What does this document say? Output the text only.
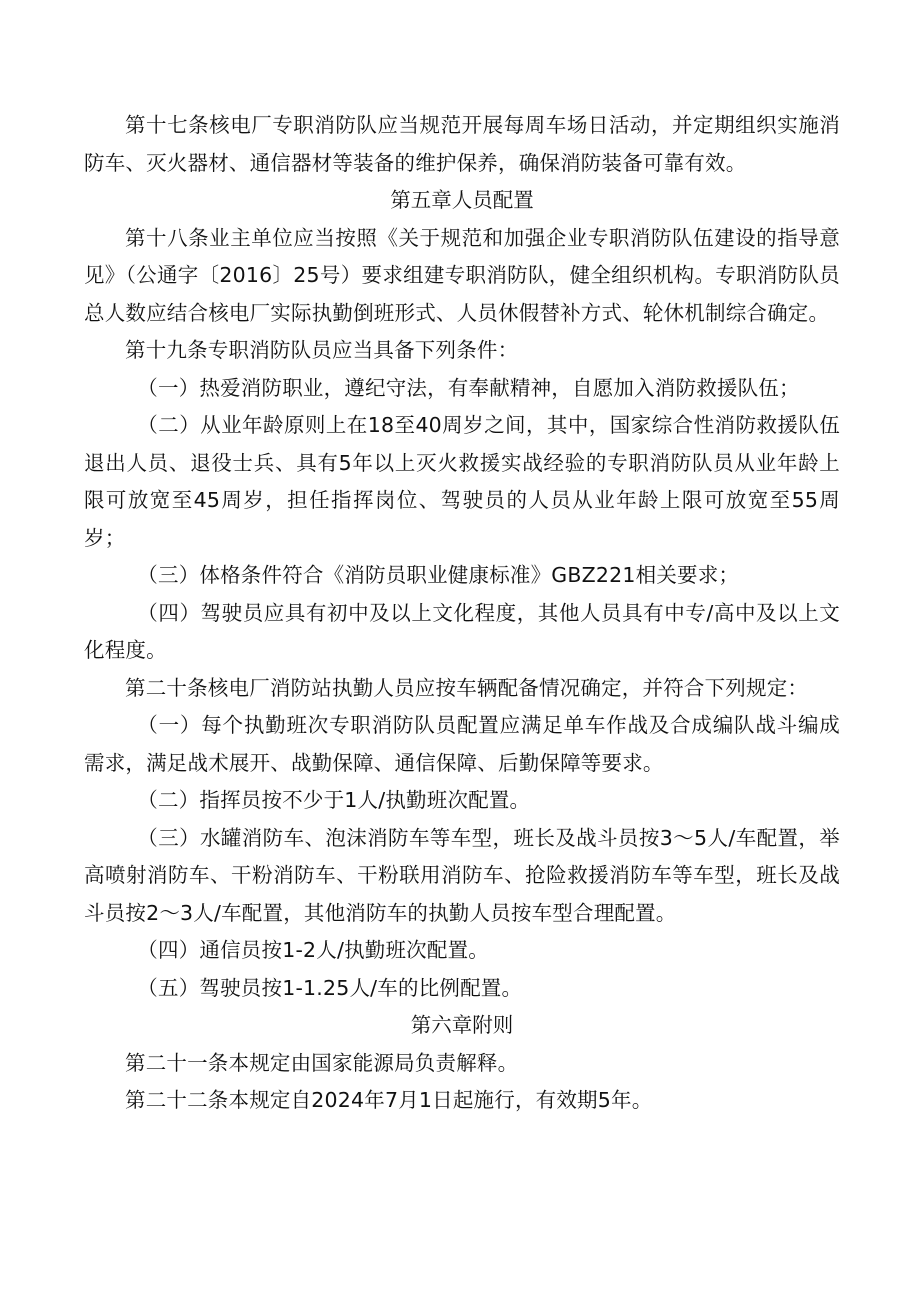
第十七条核电厂专职消防队应当规范开展每周车场日活动，并定期组织实施消防车、灭火器材、通信器材等装备的维护保养，确保消防装备可靠有效。

第五章人员配置

第十八条业主单位应当按照《关于规范和加强企业专职消防队伍建设的指导意见》（公通字〔2016〕25号）要求组建专职消防队，健全组织机构。专职消防队员总人数应结合核电厂实际执勤倒班形式、人员休假替补方式、轮休机制综合确定。

第十九条专职消防队员应当具备下列条件：

（一）热爱消防职业，遵纪守法，有奉献精神，自愿加入消防救援队伍；

（二）从业年龄原则上在18至40周岁之间，其中，国家综合性消防救援队伍退出人员、退役士兵、具有5年以上灭火救援实战经验的专职消防队员从业年龄上限可放宽至45周岁，担任指挥岗位、驾驶员的人员从业年龄上限可放宽至55周岁；

（三）体格条件符合《消防员职业健康标准》GBZ221相关要求；

（四）驾驶员应具有初中及以上文化程度，其他人员具有中专/高中及以上文化程度。

第二十条核电厂消防站执勤人员应按车辆配备情况确定，并符合下列规定：

（一）每个执勤班次专职消防队员配置应满足单车作战及合成编队战斗编成需求，满足战术展开、战勤保障、通信保障、后勤保障等要求。

（二）指挥员按不少于1人/执勤班次配置。

（三）水罐消防车、泡沫消防车等车型，班长及战斗员按3～5人/车配置，举高喷射消防车、干粉消防车、干粉联用消防车、抢险救援消防车等车型，班长及战斗员按2～3人/车配置，其他消防车的执勤人员按车型合理配置。

（四）通信员按1-2人/执勤班次配置。

（五）驾驶员按1-1.25人/车的比例配置。

第六章附则

第二十一条本规定由国家能源局负责解释。

第二十二条本规定自2024年7月1日起施行，有效期5年。
